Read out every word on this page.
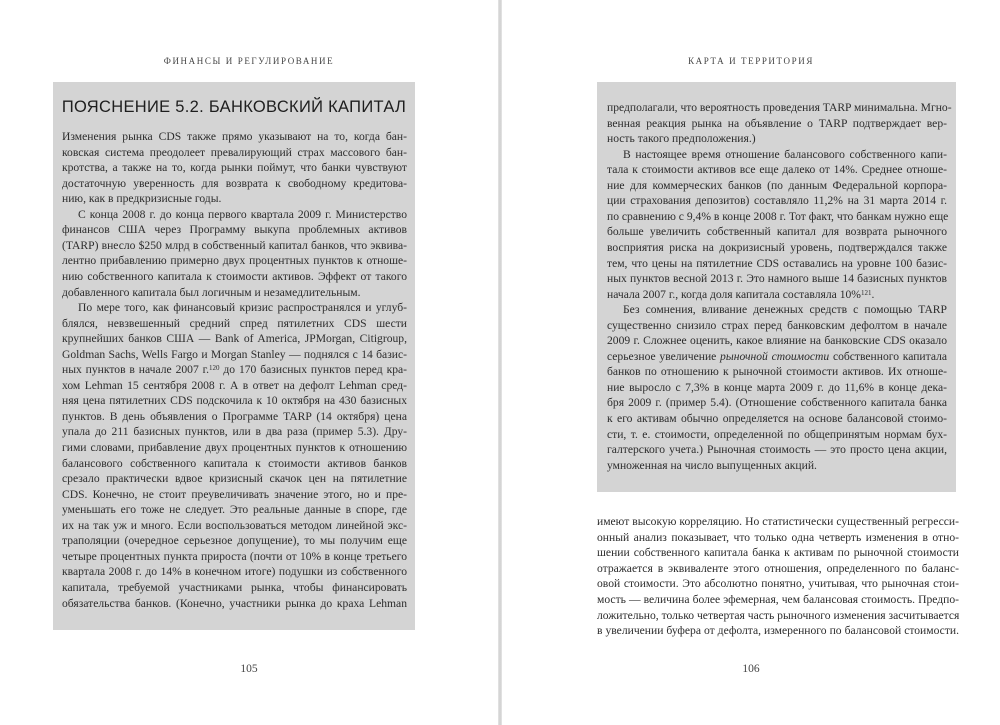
ФИНАНСЫ И РЕГУЛИРОВАНИЕ
ПОЯСНЕНИЕ 5.2. БАНКОВСКИЙ КАПИТАЛ
Изменения рынка CDS также прямо указывают на то, когда бан-
ковская система преодолеет превалирующий страх массового бан-
кротства, а также на то, когда рынки поймут, что банки чувствуют
достаточную уверенность для возврата к свободному кредитова-
нию, как в предкризисные годы.
С конца 2008 г. до конца первого квартала 2009 г. Министерство
финансов США через Программу выкупа проблемных активов
(TARP) внесло $250 млрд в собственный капитал банков, что эквива-
лентно прибавлению примерно двух процентных пунктов к отноше-
нию собственного капитала к стоимости активов. Эффект от такого
добавленного капитала был логичным и незамедлительным.
По мере того, как финансовый кризис распространялся и углуб-
блялся, невзвешенный средний спред пятилетних CDS шести
крупнейших банков США — Bank of America, JPMorgan, Citigroup,
Goldman Sachs, Wells Fargo и Morgan Stanley — поднялся с 14 базис-
ных пунктов в начале 2007 г.$^{120}$ до 170 базисных пунктов перед кра-
хом Lehman 15 сентября 2008 г. А в ответ на дефолт Lehman сред-
няя цена пятилетних CDS подскочила к 10 октября на 430 базисных
пунктов. В день объявления о Программе TARP (14 октября) цена
упала до 211 базисных пунктов, или в два раза (пример 5.3). Дру-
гими словами, прибавление двух процентных пунктов к отношению
балансового собственного капитала к стоимости активов банков
срезало практически вдвое кризисный скачок цен на пятилетние
CDS. Конечно, не стоит преувеличивать значение этого, но и пре-
уменьшать его тоже не следует. Это реальные данные в споре, где
их на так уж и много. Если воспользоваться методом линейной экс-
траполяции (очередное серьезное допущение), то мы получим еще
четыре процентных пункта прироста (почти от 10% в конце третьего
квартала 2008 г. до 14% в конечном итоге) подушки из собственного
капитала, требуемой участниками рынка, чтобы финансировать
обязательства банков. (Конечно, участники рынка до краха Lehman
105
КАРТА И ТЕРРИТОРИЯ
предполагали, что вероятность проведения TARP минимальна. Мгно-
венная реакция рынка на объявление о TARP подтверждает вер-
ность такого предположения.)
В настоящее время отношение балансового собственного капи-
тала к стоимости активов все еще далеко от 14%. Среднее отноше-
ние для коммерческих банков (по данным Федеральной корпора-
ции страхования депозитов) составляло 11,2% на 31 марта 2014 г.
по сравнению с 9,4% в конце 2008 г. Тот факт, что банкам нужно еще
больше увеличить собственный капитал для возврата рыночного
восприятия риска на докризисный уровень, подтверждался также
тем, что цены на пятилетние CDS оставались на уровне 100 базис-
ных пунктов весной 2013 г. Это намного выше 14 базисных пунктов
начала 2007 г., когда доля капитала составляла 10%$^{121}$.
Без сомнения, вливание денежных средств с помощью TARP
существенно снизило страх перед банковским дефолтом в начале
2009 г. Сложнее оценить, какое влияние на банковские CDS оказало
серьезное увеличение рыночной стоимости собственного капитала
банков по отношению к рыночной стоимости активов. Их отноше-
ние выросло с 7,3% в конце марта 2009 г. до 11,6% в конце дека-
бря 2009 г. (пример 5.4). (Отношение собственного капитала банка
к его активам обычно определяется на основе балансовой стоимо-
сти, т. е. стоимости, определенной по общепринятым нормам бух-
галтерского учета.) Рыночная стоимость — это просто цена акции,
умноженная на число выпущенных акций.
имеют высокую корреляцию. Но статистически существенный регресси-
онный анализ показывает, что только одна четверть изменения в отно-
шении собственного капитала банка к активам по рыночной стоимости
отражается в эквиваленте этого отношения, определенного по баланс-
овой стоимости. Это абсолютно понятно, учитывая, что рыночная стои-
мость — величина более эфемерная, чем балансовая стоимость. Предпо-
ложительно, только четвертая часть рыночного изменения засчитывается
в увеличении буфера от дефолта, измеренного по балансовой стоимости.
106
